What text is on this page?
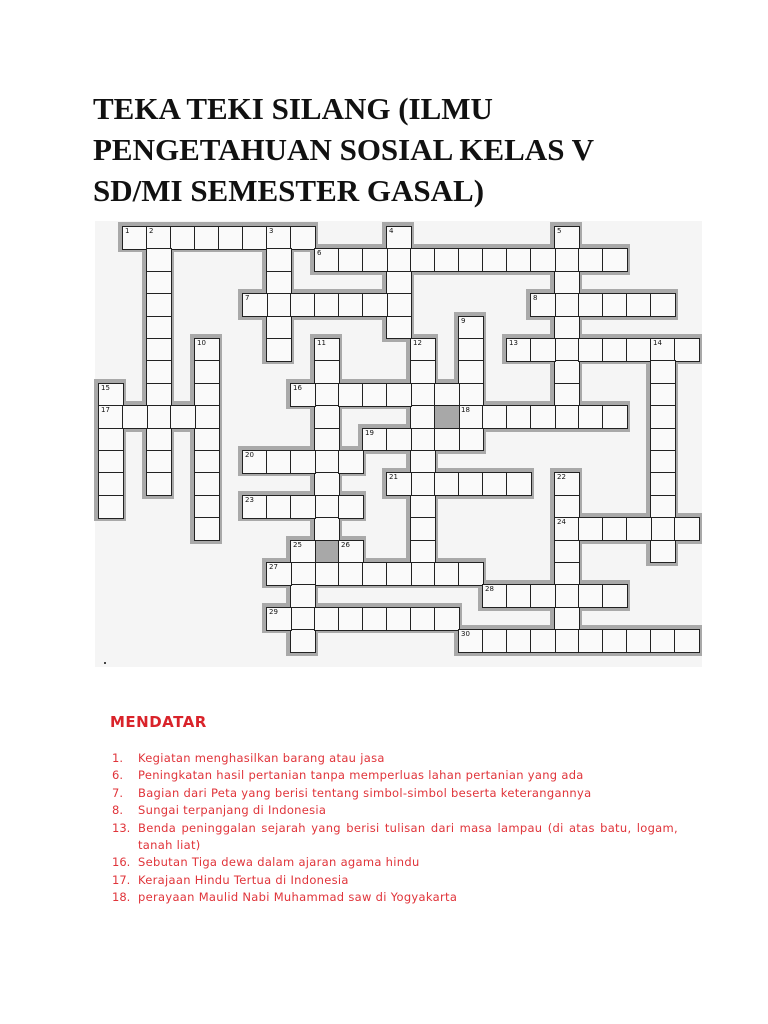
TEKA TEKI SILANG (ILMU
PENGETAHUAN SOSIAL KELAS V
SD/MI SEMESTER GASAL)
1	2	3	4	5
6
7	8
9
18
10	11	12	13	14
15
17
16
19
20
21	22
24
23
25	26
27
28
29
30
MENDATAR
1.	Kegiatan menghasilkan barang atau jasa
6.	Peningkatan hasil pertanian tanpa memperluas lahan pertanian yang ada
7.	Bagian dari Peta yang berisi tentang simbol-simbol beserta keterangannya
8.	Sungai terpanjang di Indonesia
13. Benda peninggalan sejarah yang berisi tulisan dari masa lampau (di atas batu, logam, tanah liat)
16. Sebutan Tiga dewa dalam ajaran agama hindu
17. Kerajaan Hindu Tertua di Indonesia
18. perayaan Maulid Nabi Muhammad saw di Yogyakarta
